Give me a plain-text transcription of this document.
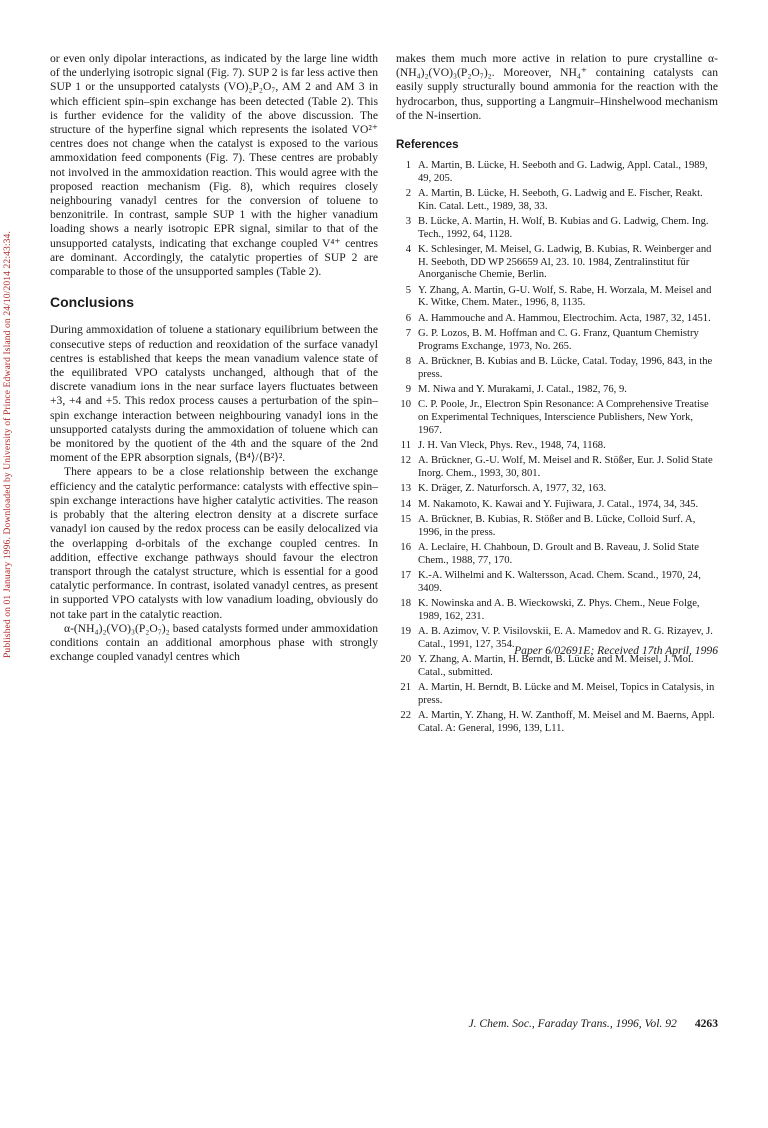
Published on 01 January 1996. Downloaded by University of Prince Edward Island on 24/10/2014 22:43:34.

or even only dipolar interactions, as indicated by the large line width of the underlying isotropic signal (Fig. 7). SUP 2 is far less active then SUP 1 or the unsupported catalysts (VO)₂P₂O₇, AM 2 and AM 3 in which efficient spin–spin exchange has been detected (Table 2). This is further evidence for the validity of the above discussion. The structure of the hyperfine signal which represents the isolated VO²⁺ centres does not change when the catalyst is exposed to the various ammoxidation feed components (Fig. 7). These centres are probably not involved in the ammoxidation reaction. This would agree with the proposed reaction mechanism (Fig. 8), which requires closely neighbouring vanadyl centres for the conversion of toluene to benzonitrile. In contrast, sample SUP 1 with the higher vanadium loading shows a nearly isotropic EPR signal, similar to that of the unsupported catalysts, indicating that exchange coupled V⁴⁺ centres are dominant. Accordingly, the catalytic properties of SUP 2 are comparable to those of the unsupported samples (Table 2).

Conclusions

During ammoxidation of toluene a stationary equilibrium between the consecutive steps of reduction and reoxidation of the surface vanadyl centres is established that keeps the mean vanadium valence state of the equilibrated VPO catalysts unchanged, although that of the discrete vanadium ions in the near surface layers fluctuates between +3, +4 and +5. This redox process causes a perturbation of the spin–spin exchange interaction between neighbouring vanadyl ions in the unsupported catalysts during the ammoxidation of toluene which can be monitored by the quotient of the 4th and the square of the 2nd moment of the EPR absorption signals, ⟨B⁴⟩/⟨B²⟩².

There appears to be a close relationship between the exchange efficiency and the catalytic performance: catalysts with effective spin–spin exchange interactions have higher catalytic activities. The reason is probably that the altering electron density at a discrete surface vanadyl ion caused by the redox process can be easily delocalized via the overlapping d-orbitals of the exchange coupled centres. In addition, effective exchange pathways should favour the electron transport through the catalyst structure, which is essential for a good catalytic performance. In contrast, isolated vanadyl centres, as present in supported VPO catalysts with low vanadium loading, obviously do not take part in the catalytic reaction.

α-(NH₄)₂(VO)₃(P₂O₇)₂ based catalysts formed under ammoxidation conditions contain an additional amorphous phase with strongly exchange coupled vanadyl centres which

makes them much more active in relation to pure crystalline α-(NH₄)₂(VO)₃(P₂O₇)₂. Moreover, NH₄⁺ containing catalysts can easily supply structurally bound ammonia for the reaction with the hydrocarbon, thus, supporting a Langmuir–Hinshelwood mechanism of the N-insertion.

References
1 A. Martin, B. Lücke, H. Seeboth and G. Ladwig, Appl. Catal., 1989, 49, 205.
2 A. Martin, B. Lücke, H. Seeboth, G. Ladwig and E. Fischer, Reakt. Kin. Catal. Lett., 1989, 38, 33.
3 B. Lücke, A. Martin, H. Wolf, B. Kubias and G. Ladwig, Chem. Ing. Tech., 1992, 64, 1128.
4 K. Schlesinger, M. Meisel, G. Ladwig, B. Kubias, R. Weinberger and H. Seeboth, DD WP 256659 Al, 23. 10. 1984, Zentralinstitut für Anorganische Chemie, Berlin.
5 Y. Zhang, A. Martin, G-U. Wolf, S. Rabe, H. Worzala, M. Meisel and K. Witke, Chem. Mater., 1996, 8, 1135.
6 A. Hammouche and A. Hammou, Electrochim. Acta, 1987, 32, 1451.
7 G. P. Lozos, B. M. Hoffman and C. G. Franz, Quantum Chemistry Programs Exchange, 1973, No. 265.
8 A. Brückner, B. Kubias and B. Lücke, Catal. Today, 1996, 843, in the press.
9 M. Niwa and Y. Murakami, J. Catal., 1982, 76, 9.
10 C. P. Poole, Jr., Electron Spin Resonance: A Comprehensive Treatise on Experimental Techniques, Interscience Publishers, New York, 1967.
11 J. H. Van Vleck, Phys. Rev., 1948, 74, 1168.
12 A. Brückner, G.-U. Wolf, M. Meisel and R. Stößer, Eur. J. Solid State Inorg. Chem., 1993, 30, 801.
13 K. Dräger, Z. Naturforsch. A, 1977, 32, 163.
14 M. Nakamoto, K. Kawai and Y. Fujiwara, J. Catal., 1974, 34, 345.
15 A. Brückner, B. Kubias, R. Stößer and B. Lücke, Colloid Surf. A, 1996, in the press.
16 A. Leclaire, H. Chahboun, D. Groult and B. Raveau, J. Solid State Chem., 1988, 77, 170.
17 K.-A. Wilhelmi and K. Waltersson, Acad. Chem. Scand., 1970, 24, 3409.
18 K. Nowinska and A. B. Wieckowski, Z. Phys. Chem., Neue Folge, 1989, 162, 231.
19 A. B. Azimov, V. P. Visilovskii, E. A. Mamedov and R. G. Rizayev, J. Catal., 1991, 127, 354.
20 Y. Zhang, A. Martin, H. Berndt, B. Lücke and M. Meisel, J. Mol. Catal., submitted.
21 A. Martin, H. Berndt, B. Lücke and M. Meisel, Topics in Catalysis, in press.
22 A. Martin, Y. Zhang, H. W. Zanthoff, M. Meisel and M. Baerns, Appl. Catal. A: General, 1996, 139, L11.
Paper 6/02691E; Received 17th April, 1996
J. Chem. Soc., Faraday Trans., 1996, Vol. 92 4263
